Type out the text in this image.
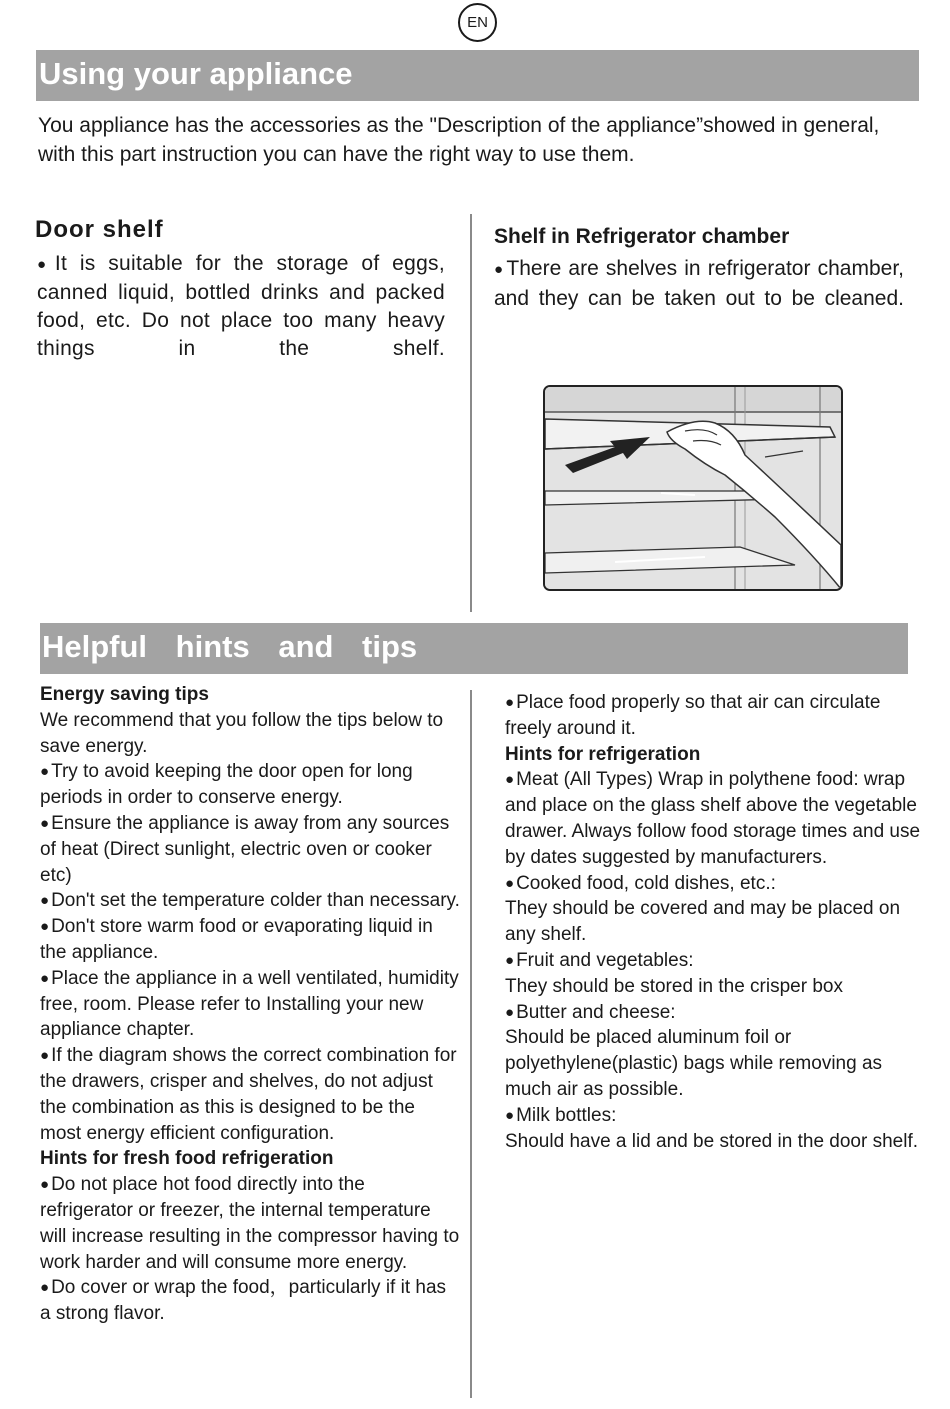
EN
Using your appliance

You appliance has the accessories as the "Description of the appliance”showed in general, with this part instruction you can have the right way to use them.

Door shelf

●It is suitable for the storage of eggs, canned liquid, bottled drinks and packed food, etc. Do not place too many heavy things in the shelf.

Shelf in Refrigerator chamber

●There are shelves in refrigerator chamber, and they can be taken out to be cleaned.

Helpful hints and tips
Energy saving tips
We recommend that you follow the tips below to save energy.
● Try to avoid keeping the door open for long periods in order to conserve energy.
● Ensure the appliance is away from any sources of heat (Direct sunlight, electric oven or cooker etc)
● Don't set the temperature colder than necessary.
● Don't store warm food or evaporating liquid in the appliance.
● Place the appliance in a well ventilated, humidity free, room. Please refer to Installing your new appliance chapter.
● If the diagram shows the correct combination for the drawers, crisper and shelves, do not adjust the combination as this is designed to be the most energy efficient configuration.
Hints for fresh food refrigeration
● Do not place hot food directly into the refrigerator or freezer, the internal temperature will increase resulting in the compressor having to work harder and will consume more energy.
● Do cover or wrap the food，particularly if it has a strong flavor.
● Place food properly so that air can circulate freely around it.
Hints for refrigeration
● Meat (All Types) Wrap in polythene food: wrap and place on the glass shelf above the vegetable drawer. Always follow food storage times and use by dates suggested by manufacturers.
● Cooked food, cold dishes, etc.:
They should be covered and may be placed on any shelf.
● Fruit and vegetables:
They should be stored in the crisper box
● Butter and cheese:
Should be placed aluminum foil or polyethylene(plastic) bags while removing as much air as possible.
● Milk bottles:
Should have a lid and be stored in the door shelf.
